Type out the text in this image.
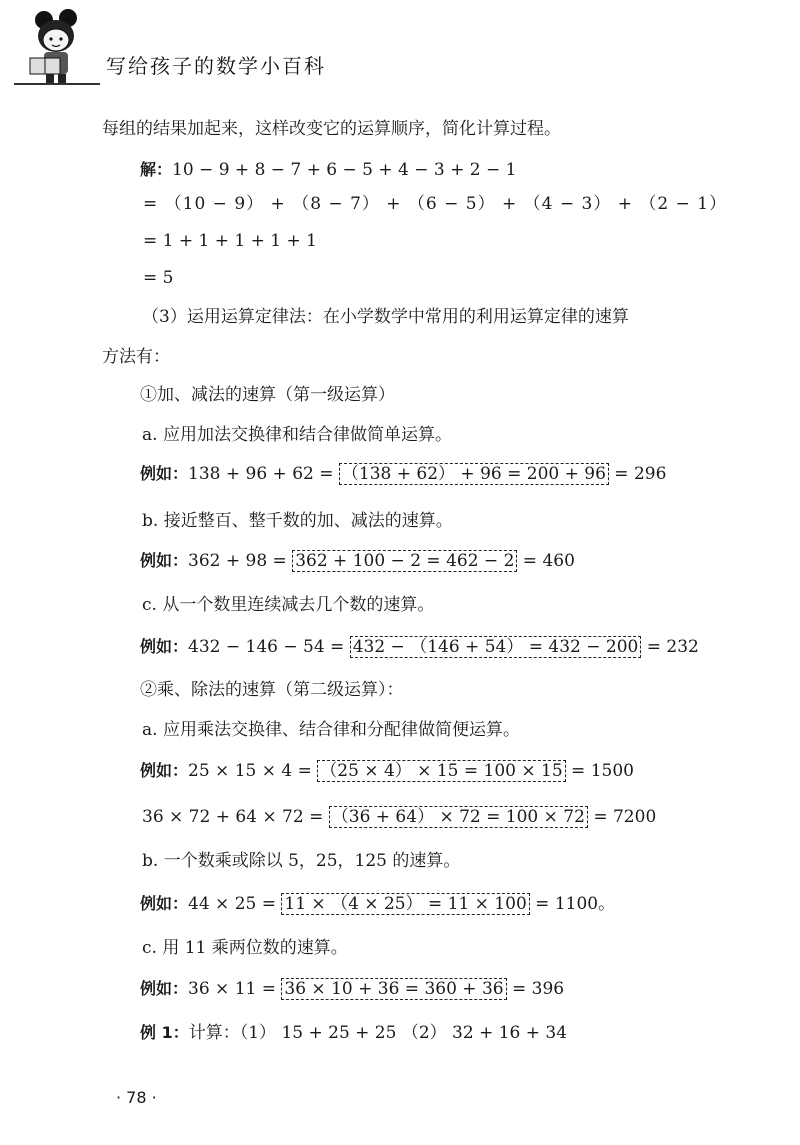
写给孩子的数学小百科
每组的结果加起来，这样改变它的运算顺序，简化计算过程。
解：10 − 9 + 8 − 7 + 6 − 5 + 4 − 3 + 2 − 1
= （10 − 9） + （8 − 7） + （6 − 5） + （4 − 3） + （2 − 1）
= 1 + 1 + 1 + 1 + 1
= 5
（3）运用运算定律法：在小学数学中常用的利用运算定律的速算
方法有：
①加、减法的速算（第一级运算）
a. 应用加法交换律和结合律做简单运算。
例如：138 + 96 + 62 = （138 + 62） + 96 = 200 + 96 = 296
b. 接近整百、整千数的加、减法的速算。
例如：362 + 98 = 362 + 100 − 2 = 462 − 2 = 460
c. 从一个数里连续减去几个数的速算。
例如：432 − 146 − 54 = 432 − （146 + 54） = 432 − 200 = 232
②乘、除法的速算（第二级运算）：
a. 应用乘法交换律、结合律和分配律做简便运算。
例如：25 × 15 × 4 = （25 × 4） × 15 = 100 × 15 = 1500
36 × 72 + 64 × 72 = （36 + 64） × 72 = 100 × 72 = 7200
b. 一个数乘或除以 5，25，125 的速算。
例如：44 × 25 = 11 × （4 × 25） = 11 × 100 = 1100。
c. 用 11 乘两位数的速算。
例如：36 × 11 = 36 × 10 + 36 = 360 + 36 = 396
例 1：计算：（1） 15 + 25 + 25 （2） 32 + 16 + 34
· 78 ·
